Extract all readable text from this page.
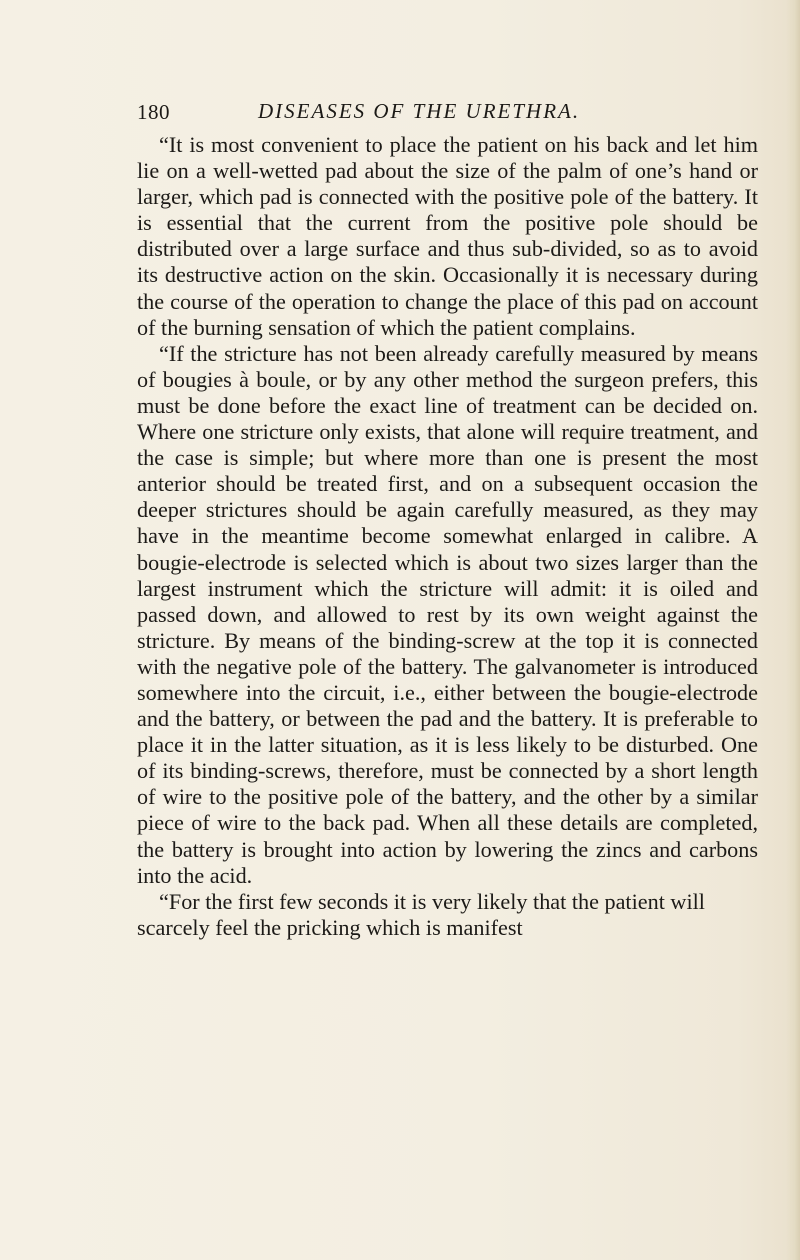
180	DISEASES OF THE URETHRA.

“It is most convenient to place the patient on his back and let him lie on a well-wetted pad about the size of the palm of one’s hand or larger, which pad is connected with the positive pole of the battery. It is essential that the current from the positive pole should be distributed over a large surface and thus sub-divided, so as to avoid its destructive action on the skin. Occasionally it is necessary during the course of the operation to change the place of this pad on account of the burning sensation of which the patient complains.

“If the stricture has not been already carefully measured by means of bougies à boule, or by any other method the surgeon prefers, this must be done before the exact line of treatment can be decided on. Where one stricture only exists, that alone will require treatment, and the case is simple; but where more than one is present the most anterior should be treated first, and on a subsequent occasion the deeper strictures should be again carefully measured, as they may have in the meantime become somewhat enlarged in calibre. A bougie-electrode is selected which is about two sizes larger than the largest instrument which the stricture will admit: it is oiled and passed down, and allowed to rest by its own weight against the stricture. By means of the binding-screw at the top it is connected with the negative pole of the battery. The galvanometer is introduced somewhere into the circuit, i.e., either between the bougie-electrode and the battery, or between the pad and the battery. It is preferable to place it in the latter situation, as it is less likely to be disturbed. One of its binding-screws, therefore, must be connected by a short length of wire to the positive pole of the battery, and the other by a similar piece of wire to the back pad. When all these details are completed, the battery is brought into action by lowering the zincs and carbons into the acid.

“For the first few seconds it is very likely that the patient will scarcely feel the pricking which is manifest
